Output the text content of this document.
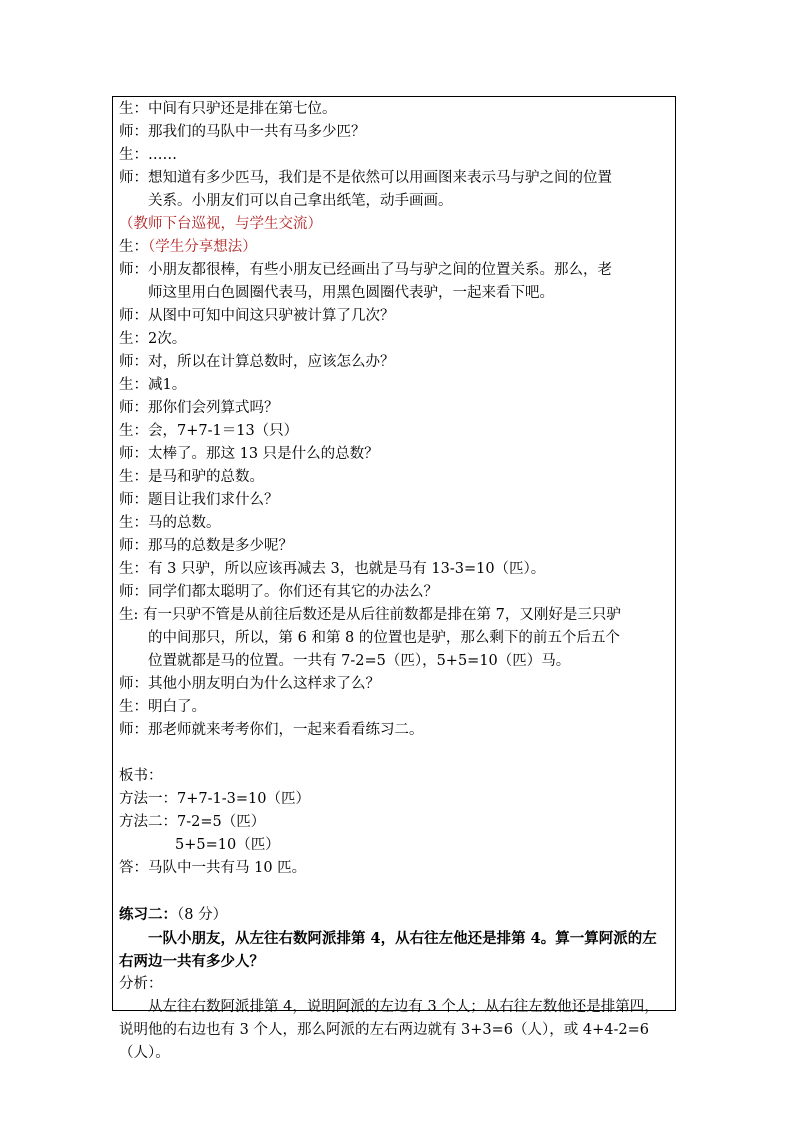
生：中间有只驴还是排在第七位。
师：那我们的马队中一共有马多少匹？
生：……
师：想知道有多少匹马，我们是不是依然可以用画图来表示马与驴之间的位置
关系。小朋友们可以自己拿出纸笔，动手画画。
（教师下台巡视，与学生交流）
生：（学生分享想法）
师：小朋友都很棒，有些小朋友已经画出了马与驴之间的位置关系。那么，老
师这里用白色圆圈代表马，用黑色圆圈代表驴，一起来看下吧。
师：从图中可知中间这只驴被计算了几次？
生：2次。
师：对，所以在计算总数时，应该怎么办？
生：减1。
师：那你们会列算式吗？
生：会，7+7-1＝13（只）
师：太棒了。那这 13 只是什么的总数？
生：是马和驴的总数。
师：题目让我们求什么？
生：马的总数。
师：那马的总数是多少呢？
生：有 3 只驴，所以应该再减去 3，也就是马有 13-3=10（匹）。
师：同学们都太聪明了。你们还有其它的办法么？
生: 有一只驴不管是从前往后数还是从后往前数都是排在第 7，又刚好是三只驴
的中间那只，所以，第 6 和第 8 的位置也是驴，那么剩下的前五个后五个
位置就都是马的位置。一共有 7-2=5（匹），5+5=10（匹）马。
师：其他小朋友明白为什么这样求了么？
生：明白了。
师：那老师就来考考你们，一起来看看练习二。
板书：
方法一：7+7-1-3=10（匹）
方法二：7-2=5（匹）
5+5=10（匹）
答：马队中一共有马 10 匹。
练习二：（8 分）
一队小朋友，从左往右数阿派排第 4，从右往左他还是排第 4。算一算阿派的左右两边一共有多少人？
分析：
从左往右数阿派排第 4，说明阿派的左边有 3 个人；从右往左数他还是排第四，说明他的右边也有 3 个人，那么阿派的左右两边就有 3+3=6（人），或 4+4-2=6（人）。
